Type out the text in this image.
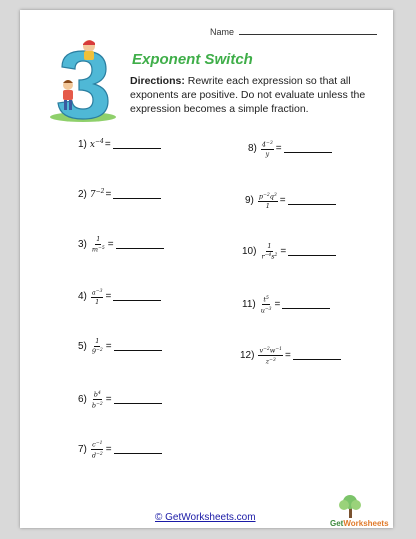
Name
Exponent Switch
Directions: Rewrite each expression so that all exponents are positive. Do not evaluate unless the expression becomes a simple fraction.
1) $x^{-4}$ =
2) $7^{-2}$ =
$3) \frac{1}{m^{-5}}$ =
$4) \frac{a^{-3}}{1}$ =
$5) \frac{1}{9^{-2}}$ =
$6) \frac{b^4}{b^{-2}}$ =
$7) \frac{c^{-1}}{d^{-2}}$ =
$8) \frac{4^{-3}}{y}$ =
$9) \frac{p^{-2}q^3}{1}$ =
$10) \frac{1}{r^{-4}s^2}$ =
$11) \frac{t^5}{u^{-3}}$ =
$12) \frac{v^{-2}w^{-1}}{z^{-3}}$ =
© GetWorksheets.com
GetWorksheets
